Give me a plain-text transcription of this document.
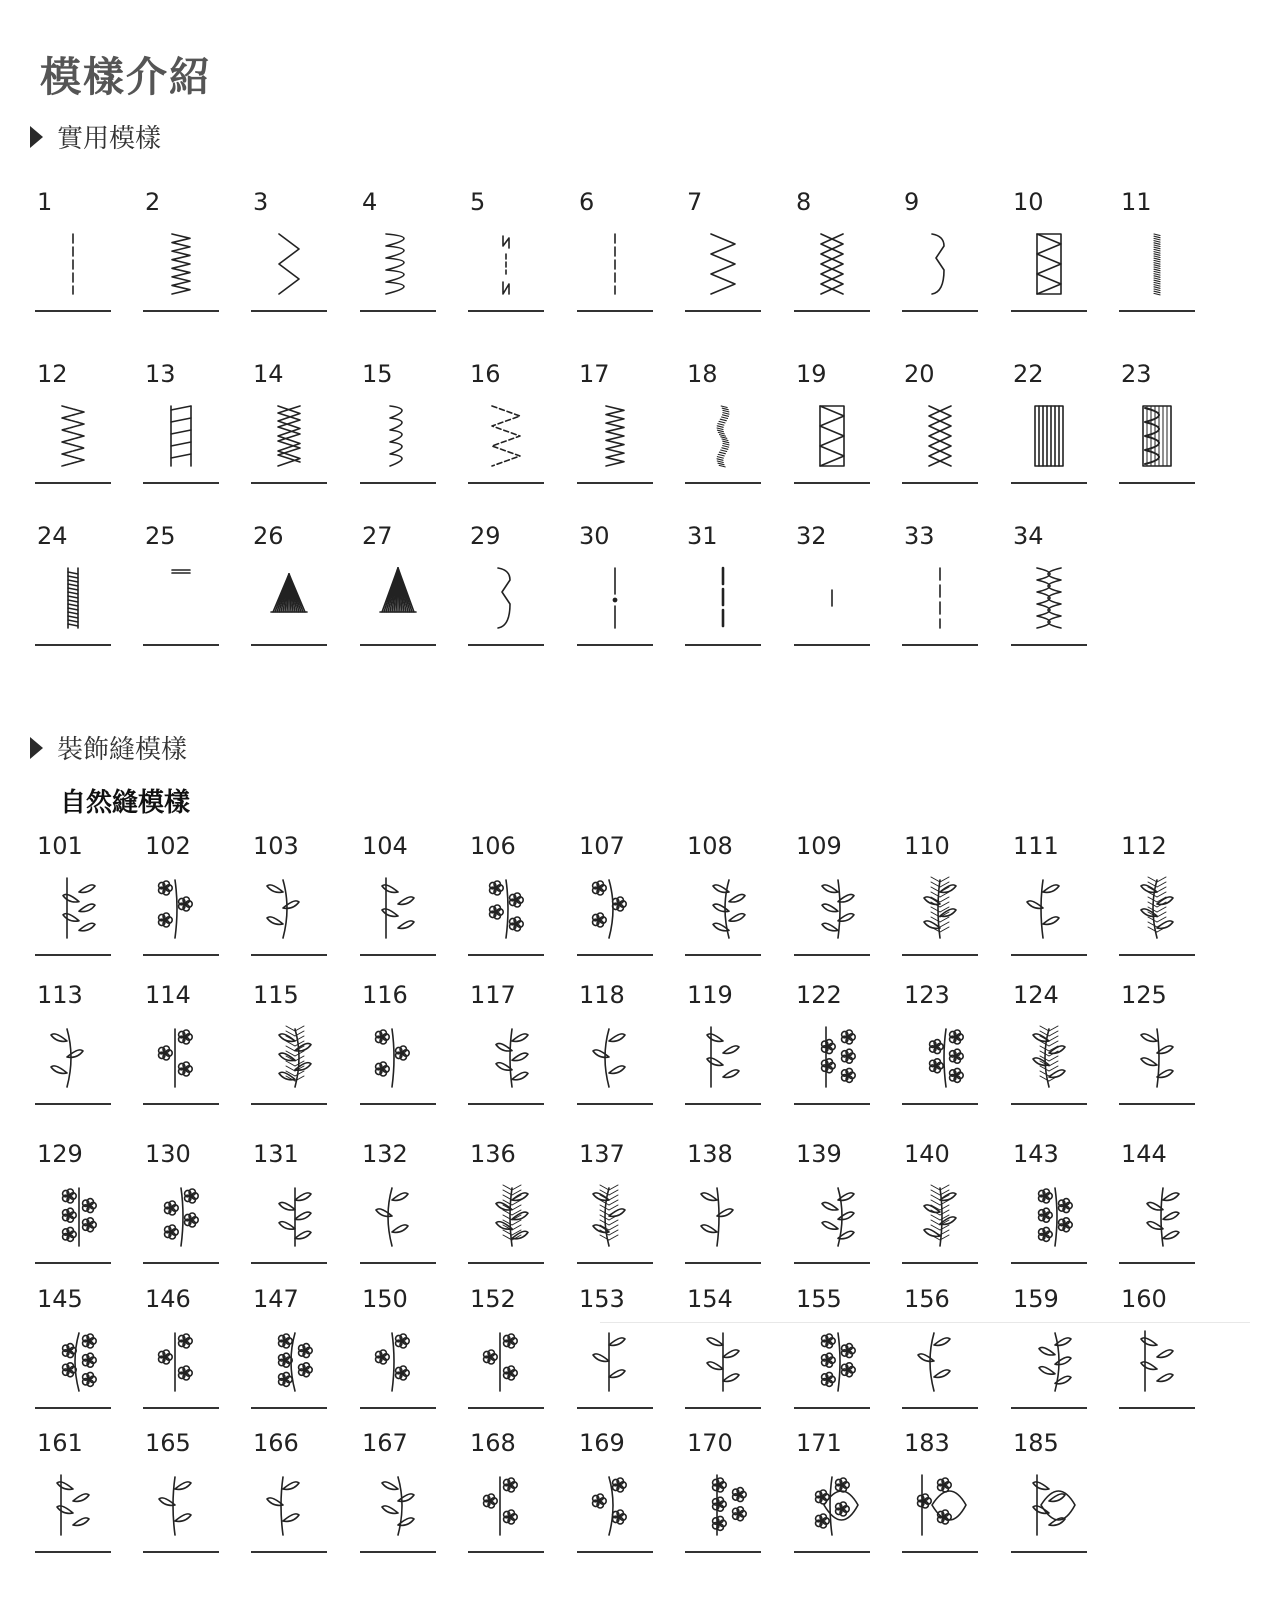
模樣介紹
實用模樣
裝飾縫模樣
自然縫模樣
1	2	3	4	5	6	7	8	9	10	11
12	13	14	15	16	17	18	19	20	22	23
24	25	26	27	29	30	31	32	33	34
101	102	103	104	106	107	108	109	110	111	112
113	114	115	116	117	118	119	122	123	124	125
129	130	131	132	136	137	138	139	140	143	144
145	146	147	150	152	153	154	155	156	159	160
161	165	166	167	168	169	170	171	183	185
